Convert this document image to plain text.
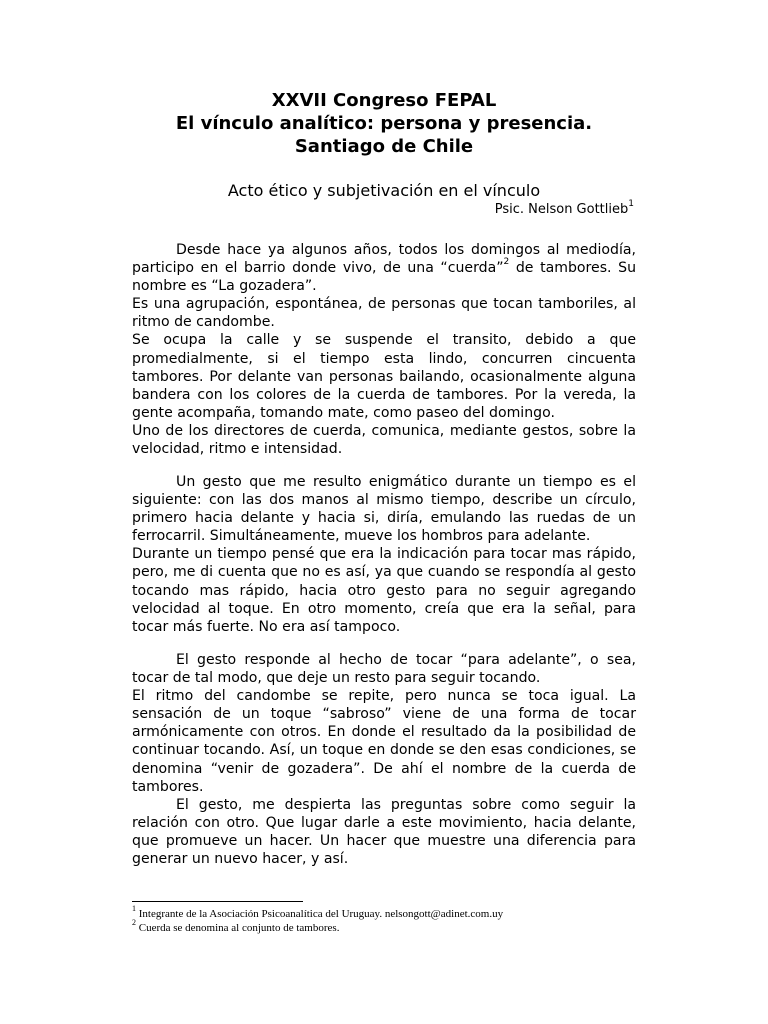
XXVII Congreso FEPAL
El vínculo analítico: persona y presencia.
Santiago de Chile
Acto ético y subjetivación en el vínculo
Psic. Nelson Gottlieb$^1$

Desde hace ya algunos años, todos los domingos al mediodía, participo en el barrio donde vivo, de una “cuerda”$^2$ de tambores. Su nombre es “La gozadera”.

Es una agrupación, espontánea, de personas que tocan tamboriles, al ritmo de candombe.

Se ocupa la calle y se suspende el transito, debido a que promedialmente, si el tiempo esta lindo, concurren cincuenta tambores. Por delante van personas bailando, ocasionalmente alguna bandera con los colores de la cuerda de tambores. Por la vereda, la gente acompaña, tomando mate, como paseo del domingo.

Uno de los directores de cuerda, comunica, mediante gestos, sobre la velocidad, ritmo e intensidad.

Un gesto que me resulto enigmático durante un tiempo es el siguiente: con las dos manos al mismo tiempo, describe un círculo, primero hacia delante y hacia si, diría, emulando las ruedas de un ferrocarril. Simultáneamente, mueve los hombros para adelante.

Durante un tiempo pensé que era la indicación para tocar mas rápido, pero, me di cuenta que no es así, ya que cuando se respondía al gesto tocando mas rápido, hacia otro gesto para no seguir agregando velocidad al toque. En otro momento, creía que era la señal, para tocar más fuerte. No era así tampoco.

El gesto responde al hecho de tocar “para adelante”, o sea, tocar de tal modo, que deje un resto para seguir tocando.

El ritmo del candombe se repite, pero nunca se toca igual. La sensación de un toque “sabroso” viene de una forma de tocar armónicamente con otros. En donde el resultado da la posibilidad de continuar tocando. Así, un toque en donde se den esas condiciones, se denomina “venir de gozadera”. De ahí el nombre de la cuerda de tambores.

El gesto, me despierta las preguntas sobre como seguir la relación con otro. Que lugar darle a este movimiento, hacia delante, que promueve un hacer. Un hacer que muestre una diferencia para generar un nuevo hacer, y así.

$^1$ Integrante de la Asociación Psicoanalítica del Uruguay. nelsongott@adinet.com.uy
$^2$ Cuerda se denomina al conjunto de tambores.
